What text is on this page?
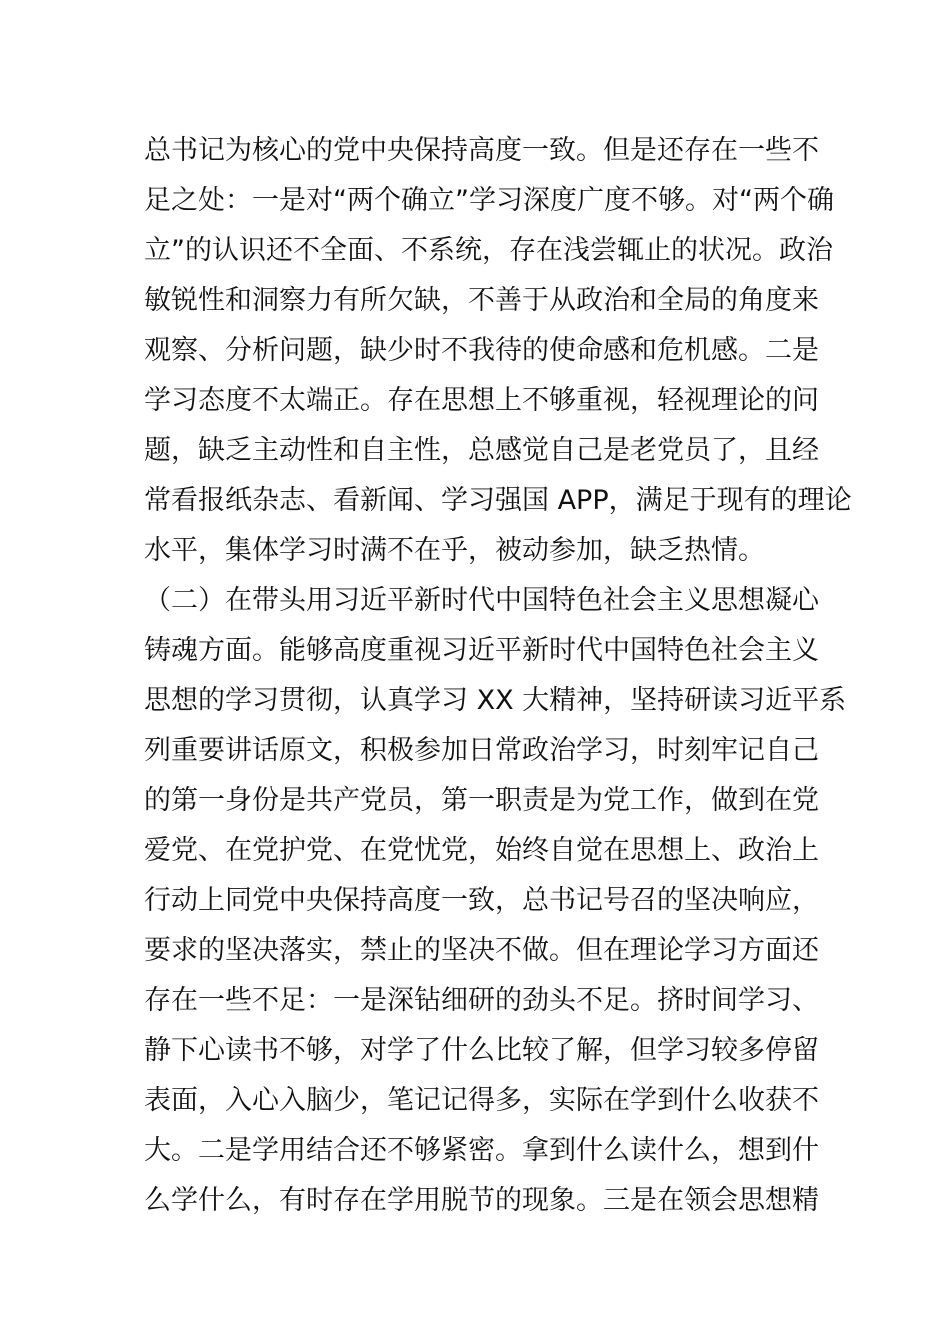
总书记为核心的党中央保持高度一致。但是还存在一些不
足之处：一是对“两个确立”学习深度广度不够。对“两个确
立”的认识还不全面、不系统，存在浅尝辄止的状况。政治
敏锐性和洞察力有所欠缺，不善于从政治和全局的角度来
观察、分析问题，缺少时不我待的使命感和危机感。二是
学习态度不太端正。存在思想上不够重视，轻视理论的问
题，缺乏主动性和自主性，总感觉自己是老党员了，且经
常看报纸杂志、看新闻、学习强国 APP，满足于现有的理论
水平，集体学习时满不在乎，被动参加，缺乏热情。
（二）在带头用习近平新时代中国特色社会主义思想凝心
铸魂方面。能够高度重视习近平新时代中国特色社会主义
思想的学习贯彻，认真学习 XX 大精神，坚持研读习近平系
列重要讲话原文，积极参加日常政治学习，时刻牢记自己
的第一身份是共产党员，第一职责是为党工作，做到在党
爱党、在党护党、在党忧党，始终自觉在思想上、政治上
行动上同党中央保持高度一致，总书记号召的坚决响应，
要求的坚决落实，禁止的坚决不做。但在理论学习方面还
存在一些不足：一是深钻细研的劲头不足。挤时间学习、
静下心读书不够，对学了什么比较了解，但学习较多停留
表面，入心入脑少，笔记记得多，实际在学到什么收获不
大。二是学用结合还不够紧密。拿到什么读什么，想到什
么学什么，有时存在学用脱节的现象。三是在领会思想精
